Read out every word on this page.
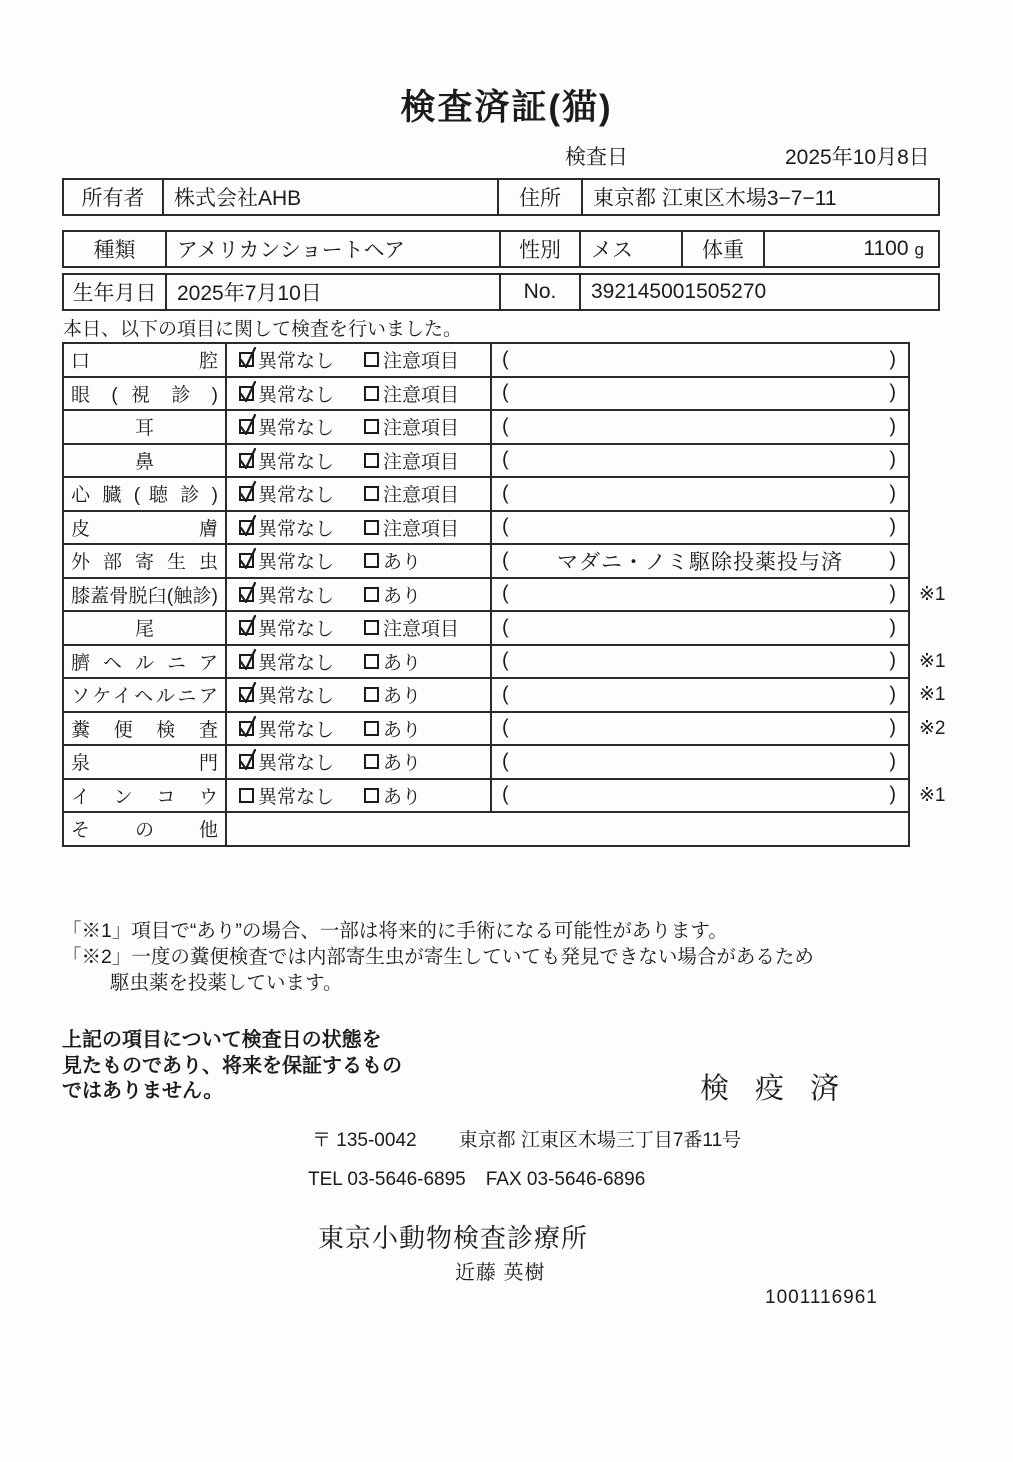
検査済証(猫)
検査日	2025年10月8日
所有者	株式会社AHB	住所	東京都 江東区木場3−7−11
種類	アメリカンショートヘア	性別	メス	体重	1100 g
生年月日	2025年7月10日	No.	392145001505270
本日、以下の項目に関して検査を行いました。
口 腔	異常なし 注意項目	( )	

眼 ( 視 診 )	異常なし 注意項目	( )	

耳	異常なし 注意項目	( )	

鼻	異常なし 注意項目	( )	

心 臓 ( 聴 診 )	異常なし 注意項目	( )	

皮 膚	異常なし 注意項目	( )	

外 部 寄 生 虫	異常なし あり	( マダニ・ノミ駆除投薬投与済 )	

膝蓋骨脱臼(触診)	異常なし あり	( )	※1
尾	異常なし 注意項目	( )	

臍 ヘ ル ニ ア	異常なし あり	( )	※1
ソケイヘルニア	異常なし あり	( )	※1
糞 便 検 査	異常なし あり	( )	※2
泉 門	異常なし あり	( )	

イ ン コ ウ	異常なし あり	( )	※1
そ の 他			
「※1」項目で“あり”の場合、一部は将来的に手術になる可能性があります。
「※2」一度の糞便検査では内部寄生虫が寄生していても発見できない場合があるため
駆虫薬を投薬しています。
上記の項目について検査日の状態を
見たものであり、将来を保証するもの
ではありません。	検 疫 済
〒 135-0042 東京都 江東区木場三丁目7番11号
TEL 03-5646-6895 FAX 03-5646-6896
東京小動物検査診療所
近藤 英樹
1001116961
